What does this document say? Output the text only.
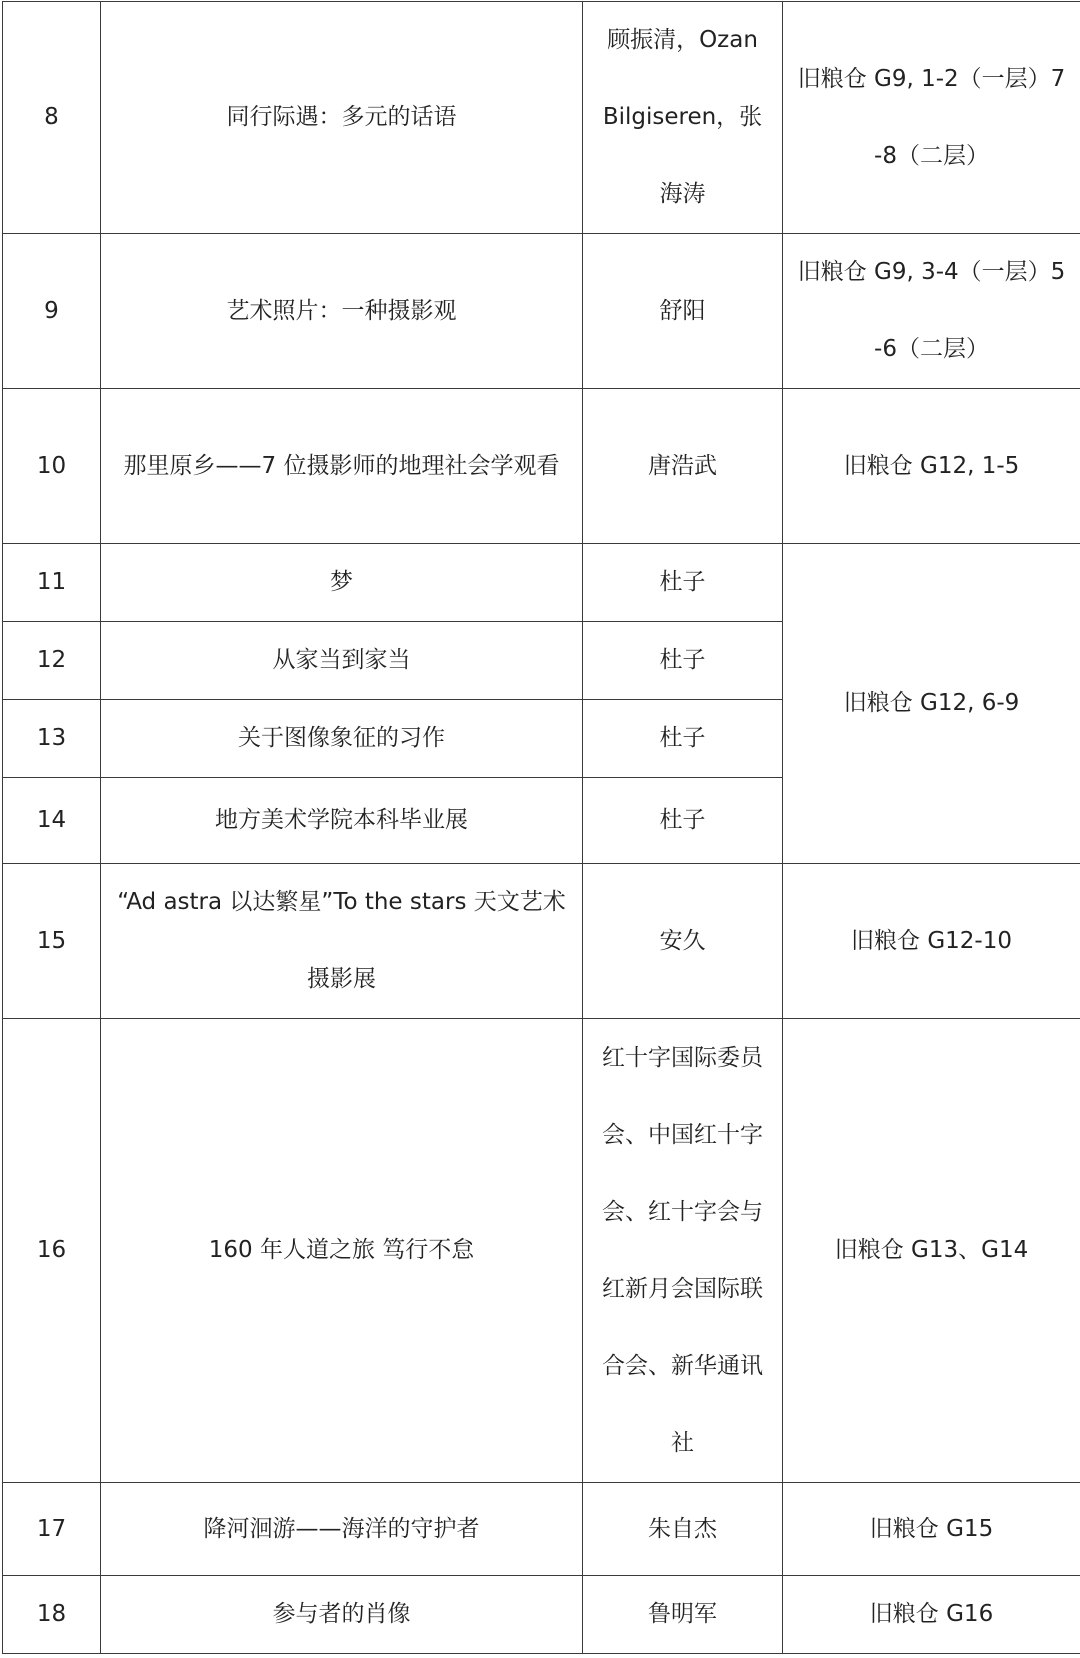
8	同行际遇：多元的话语	顾振清，Ozan Bilgiseren，张海涛	旧粮仓 G9, 1-2（一层）7-8（二层）
9	艺术照片：一种摄影观	舒阳	旧粮仓 G9, 3-4（一层）5-6（二层）
10	那里原乡——7 位摄影师的地理社会学观看	唐浩武	旧粮仓 G12, 1-5
11	梦	杜子	旧粮仓 G12, 6-9
12	从家当到家当	杜子	
13	关于图像象征的习作	杜子	
14	地方美术学院本科毕业展	杜子	
15	“Ad astra 以达繁星”To the stars 天文艺术摄影展	安久	旧粮仓 G12-10
16	160 年人道之旅 笃行不怠	红十字国际委员会、中国红十字会、红十字会与红新月会国际联合会、新华通讯社	旧粮仓 G13、G14
17	降河洄游——海洋的守护者	朱自杰	旧粮仓 G15
18	参与者的肖像	鲁明军	旧粮仓 G16
